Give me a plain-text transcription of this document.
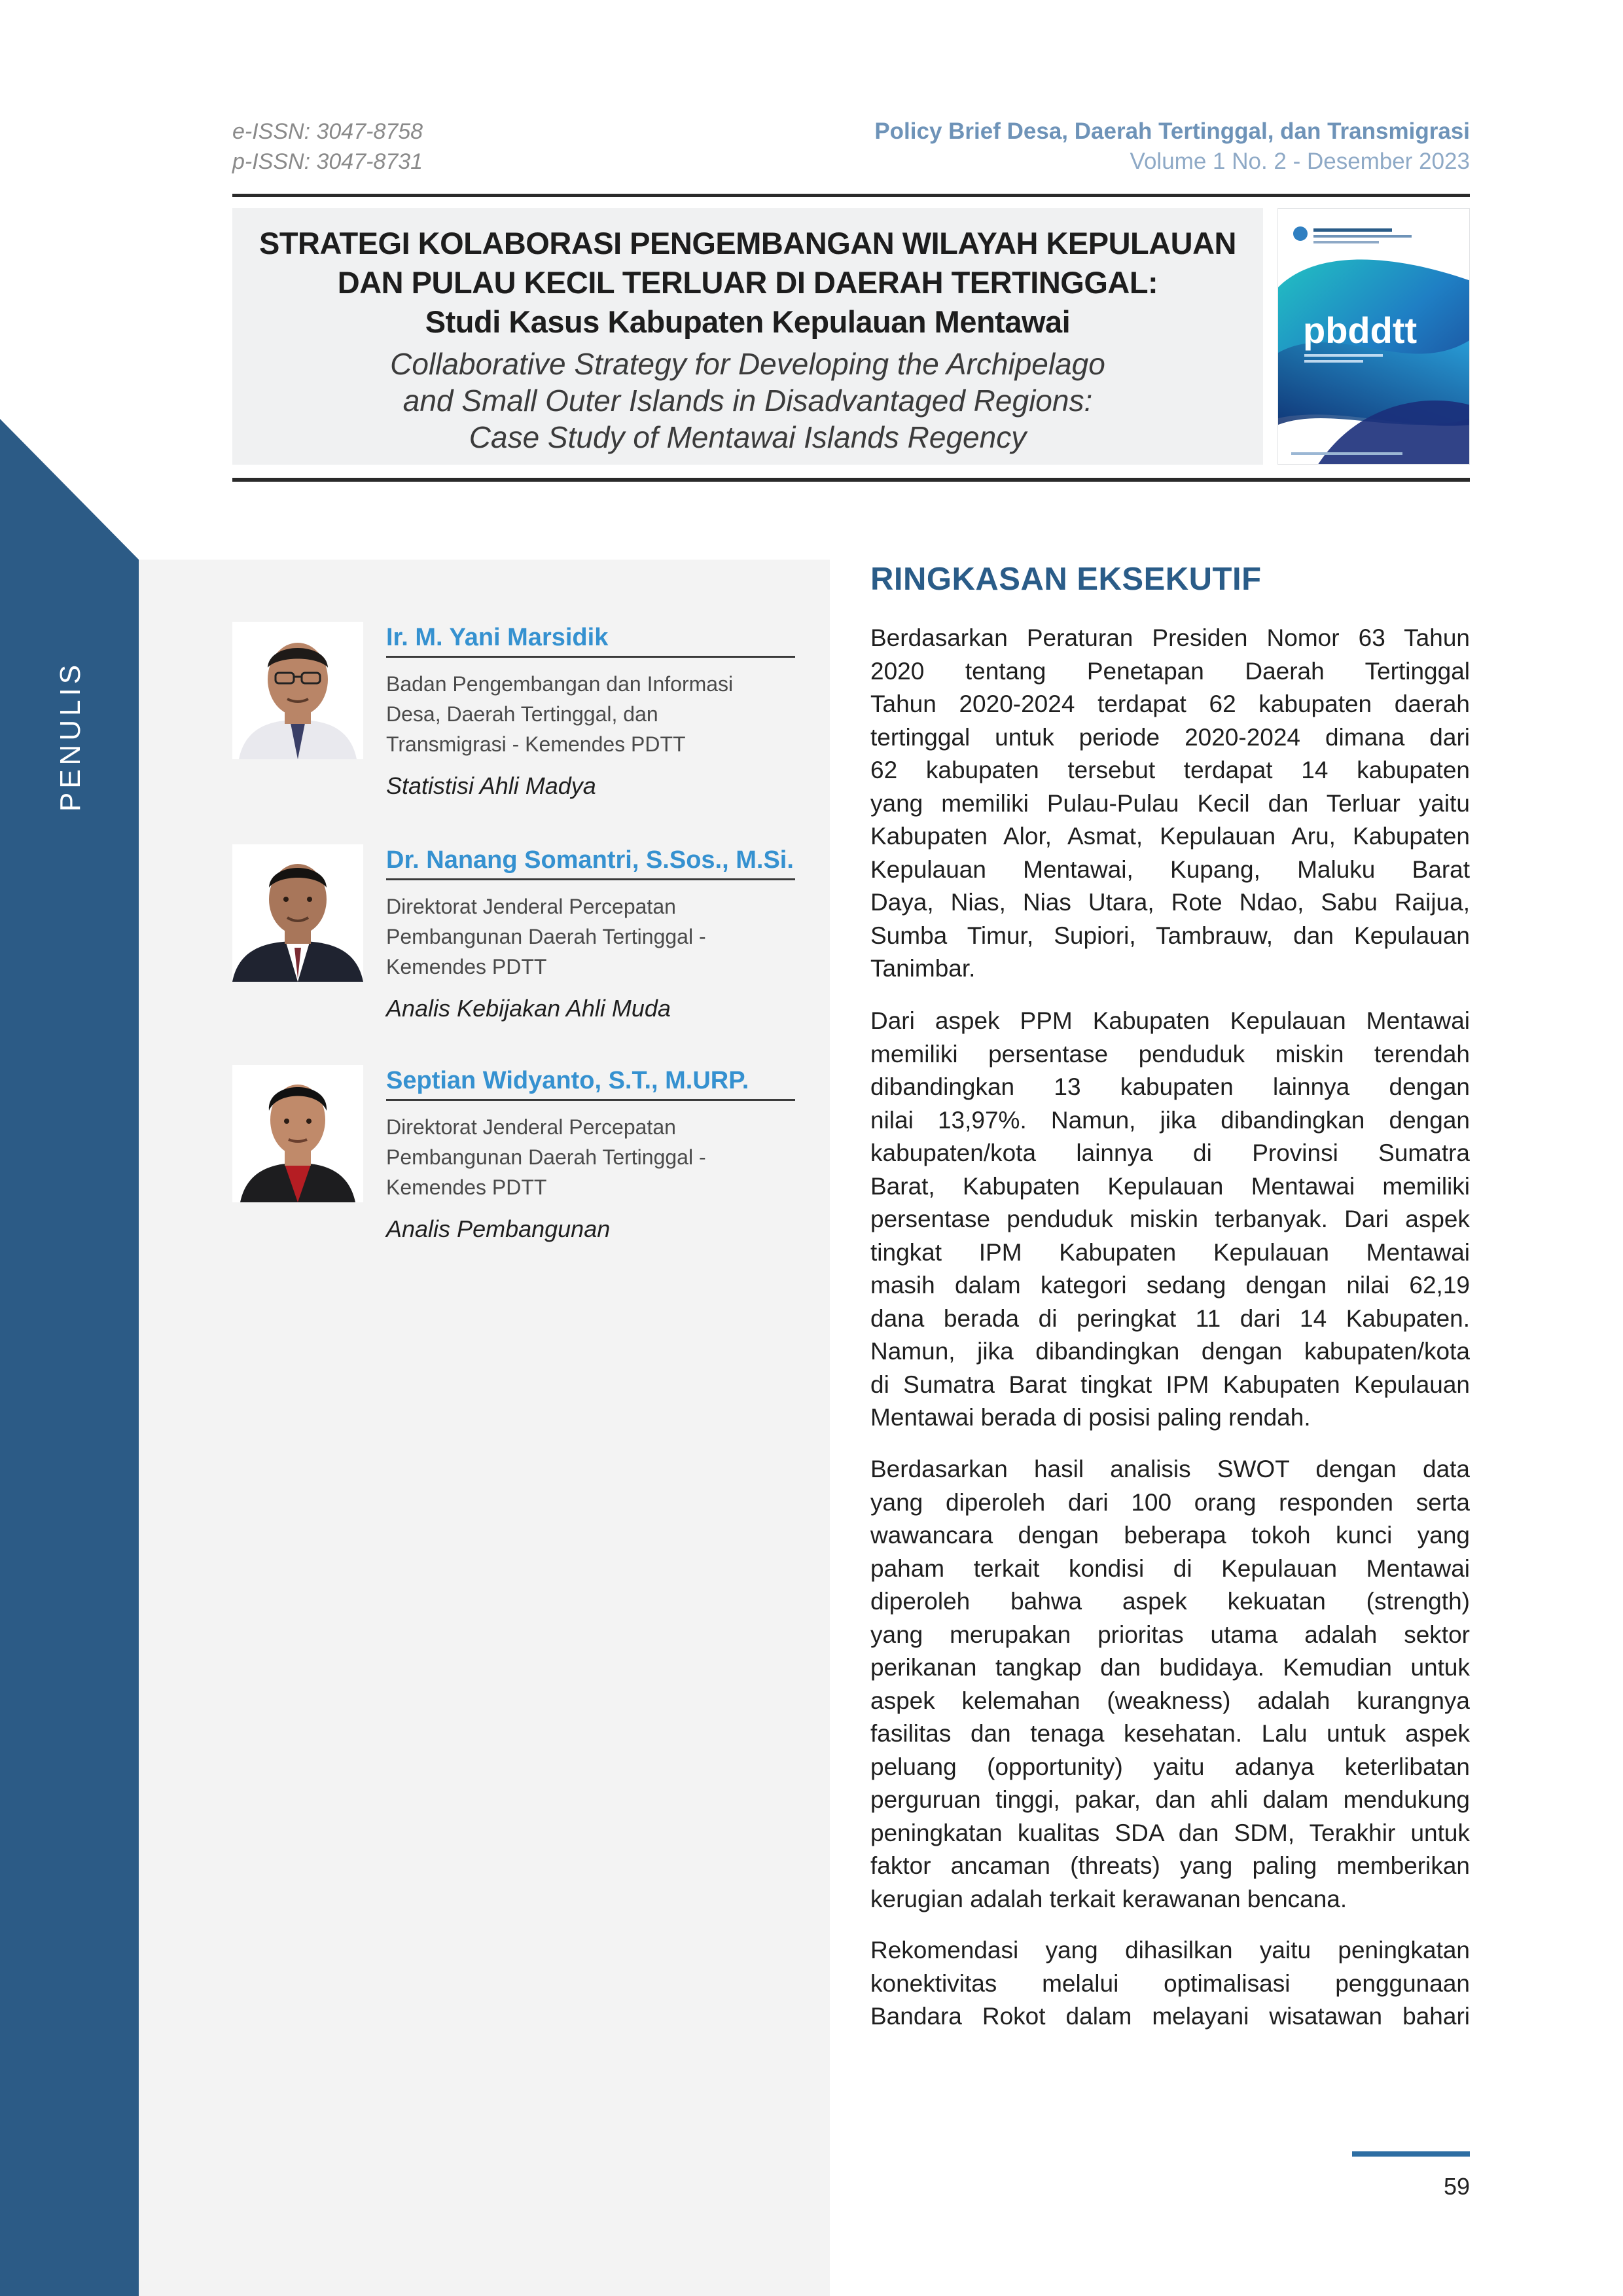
e-ISSN: 3047-8758
p-ISSN: 3047-8731
Policy Brief Desa, Daerah Tertinggal, dan Transmigrasi
Volume 1 No. 2 - Desember 2023
STRATEGI KOLABORASI PENGEMBANGAN WILAYAH KEPULAUAN
DAN PULAU KECIL TERLUAR DI DAERAH TERTINGGAL:
Studi Kasus Kabupaten Kepulauan Mentawai
Collaborative Strategy for Developing the Archipelago
and Small Outer Islands in Disadvantaged Regions:
Case Study of Mentawai Islands Regency
pbddtt
PENULIS
Ir. M. Yani Marsidik
Badan Pengembangan dan Informasi
Desa, Daerah Tertinggal, dan
Transmigrasi - Kemendes PDTT
Statistisi Ahli Madya
Dr. Nanang Somantri, S.Sos., M.Si.
Direktorat Jenderal Percepatan
Pembangunan Daerah Tertinggal -
Kemendes PDTT
Analis Kebijakan Ahli Muda
Septian Widyanto, S.T., M.URP.
Direktorat Jenderal Percepatan
Pembangunan Daerah Tertinggal -
Kemendes PDTT
Analis Pembangunan
RINGKASAN EKSEKUTIF
Berdasarkan Peraturan Presiden Nomor 63 Tahun
2020 tentang Penetapan Daerah Tertinggal
Tahun 2020-2024 terdapat 62 kabupaten daerah
tertinggal untuk periode 2020-2024 dimana dari
62 kabupaten tersebut terdapat 14 kabupaten
yang memiliki Pulau-Pulau Kecil dan Terluar yaitu
Kabupaten Alor, Asmat, Kepulauan Aru, Kabupaten
Kepulauan Mentawai, Kupang, Maluku Barat
Daya, Nias, Nias Utara, Rote Ndao, Sabu Raijua,
Sumba Timur, Supiori, Tambrauw, dan Kepulauan
Tanimbar.
Dari aspek PPM Kabupaten Kepulauan Mentawai
memiliki persentase penduduk miskin terendah
dibandingkan 13 kabupaten lainnya dengan
nilai 13,97%. Namun, jika dibandingkan dengan
kabupaten/kota lainnya di Provinsi Sumatra
Barat, Kabupaten Kepulauan Mentawai memiliki
persentase penduduk miskin terbanyak. Dari aspek
tingkat IPM Kabupaten Kepulauan Mentawai
masih dalam kategori sedang dengan nilai 62,19
dana berada di peringkat 11 dari 14 Kabupaten.
Namun, jika dibandingkan dengan kabupaten/kota
di Sumatra Barat tingkat IPM Kabupaten Kepulauan
Mentawai berada di posisi paling rendah.
Berdasarkan hasil analisis SWOT dengan data
yang diperoleh dari 100 orang responden serta
wawancara dengan beberapa tokoh kunci yang
paham terkait kondisi di Kepulauan Mentawai
diperoleh bahwa aspek kekuatan (strength)
yang merupakan prioritas utama adalah sektor
perikanan tangkap dan budidaya. Kemudian untuk
aspek kelemahan (weakness) adalah kurangnya
fasilitas dan tenaga kesehatan. Lalu untuk aspek
peluang (opportunity) yaitu adanya keterlibatan
perguruan tinggi, pakar, dan ahli dalam mendukung
peningkatan kualitas SDA dan SDM, Terakhir untuk
faktor ancaman (threats) yang paling memberikan
kerugian adalah terkait kerawanan bencana.
Rekomendasi yang dihasilkan yaitu peningkatan
konektivitas melalui optimalisasi penggunaan
Bandara Rokot dalam melayani wisatawan bahari
59
